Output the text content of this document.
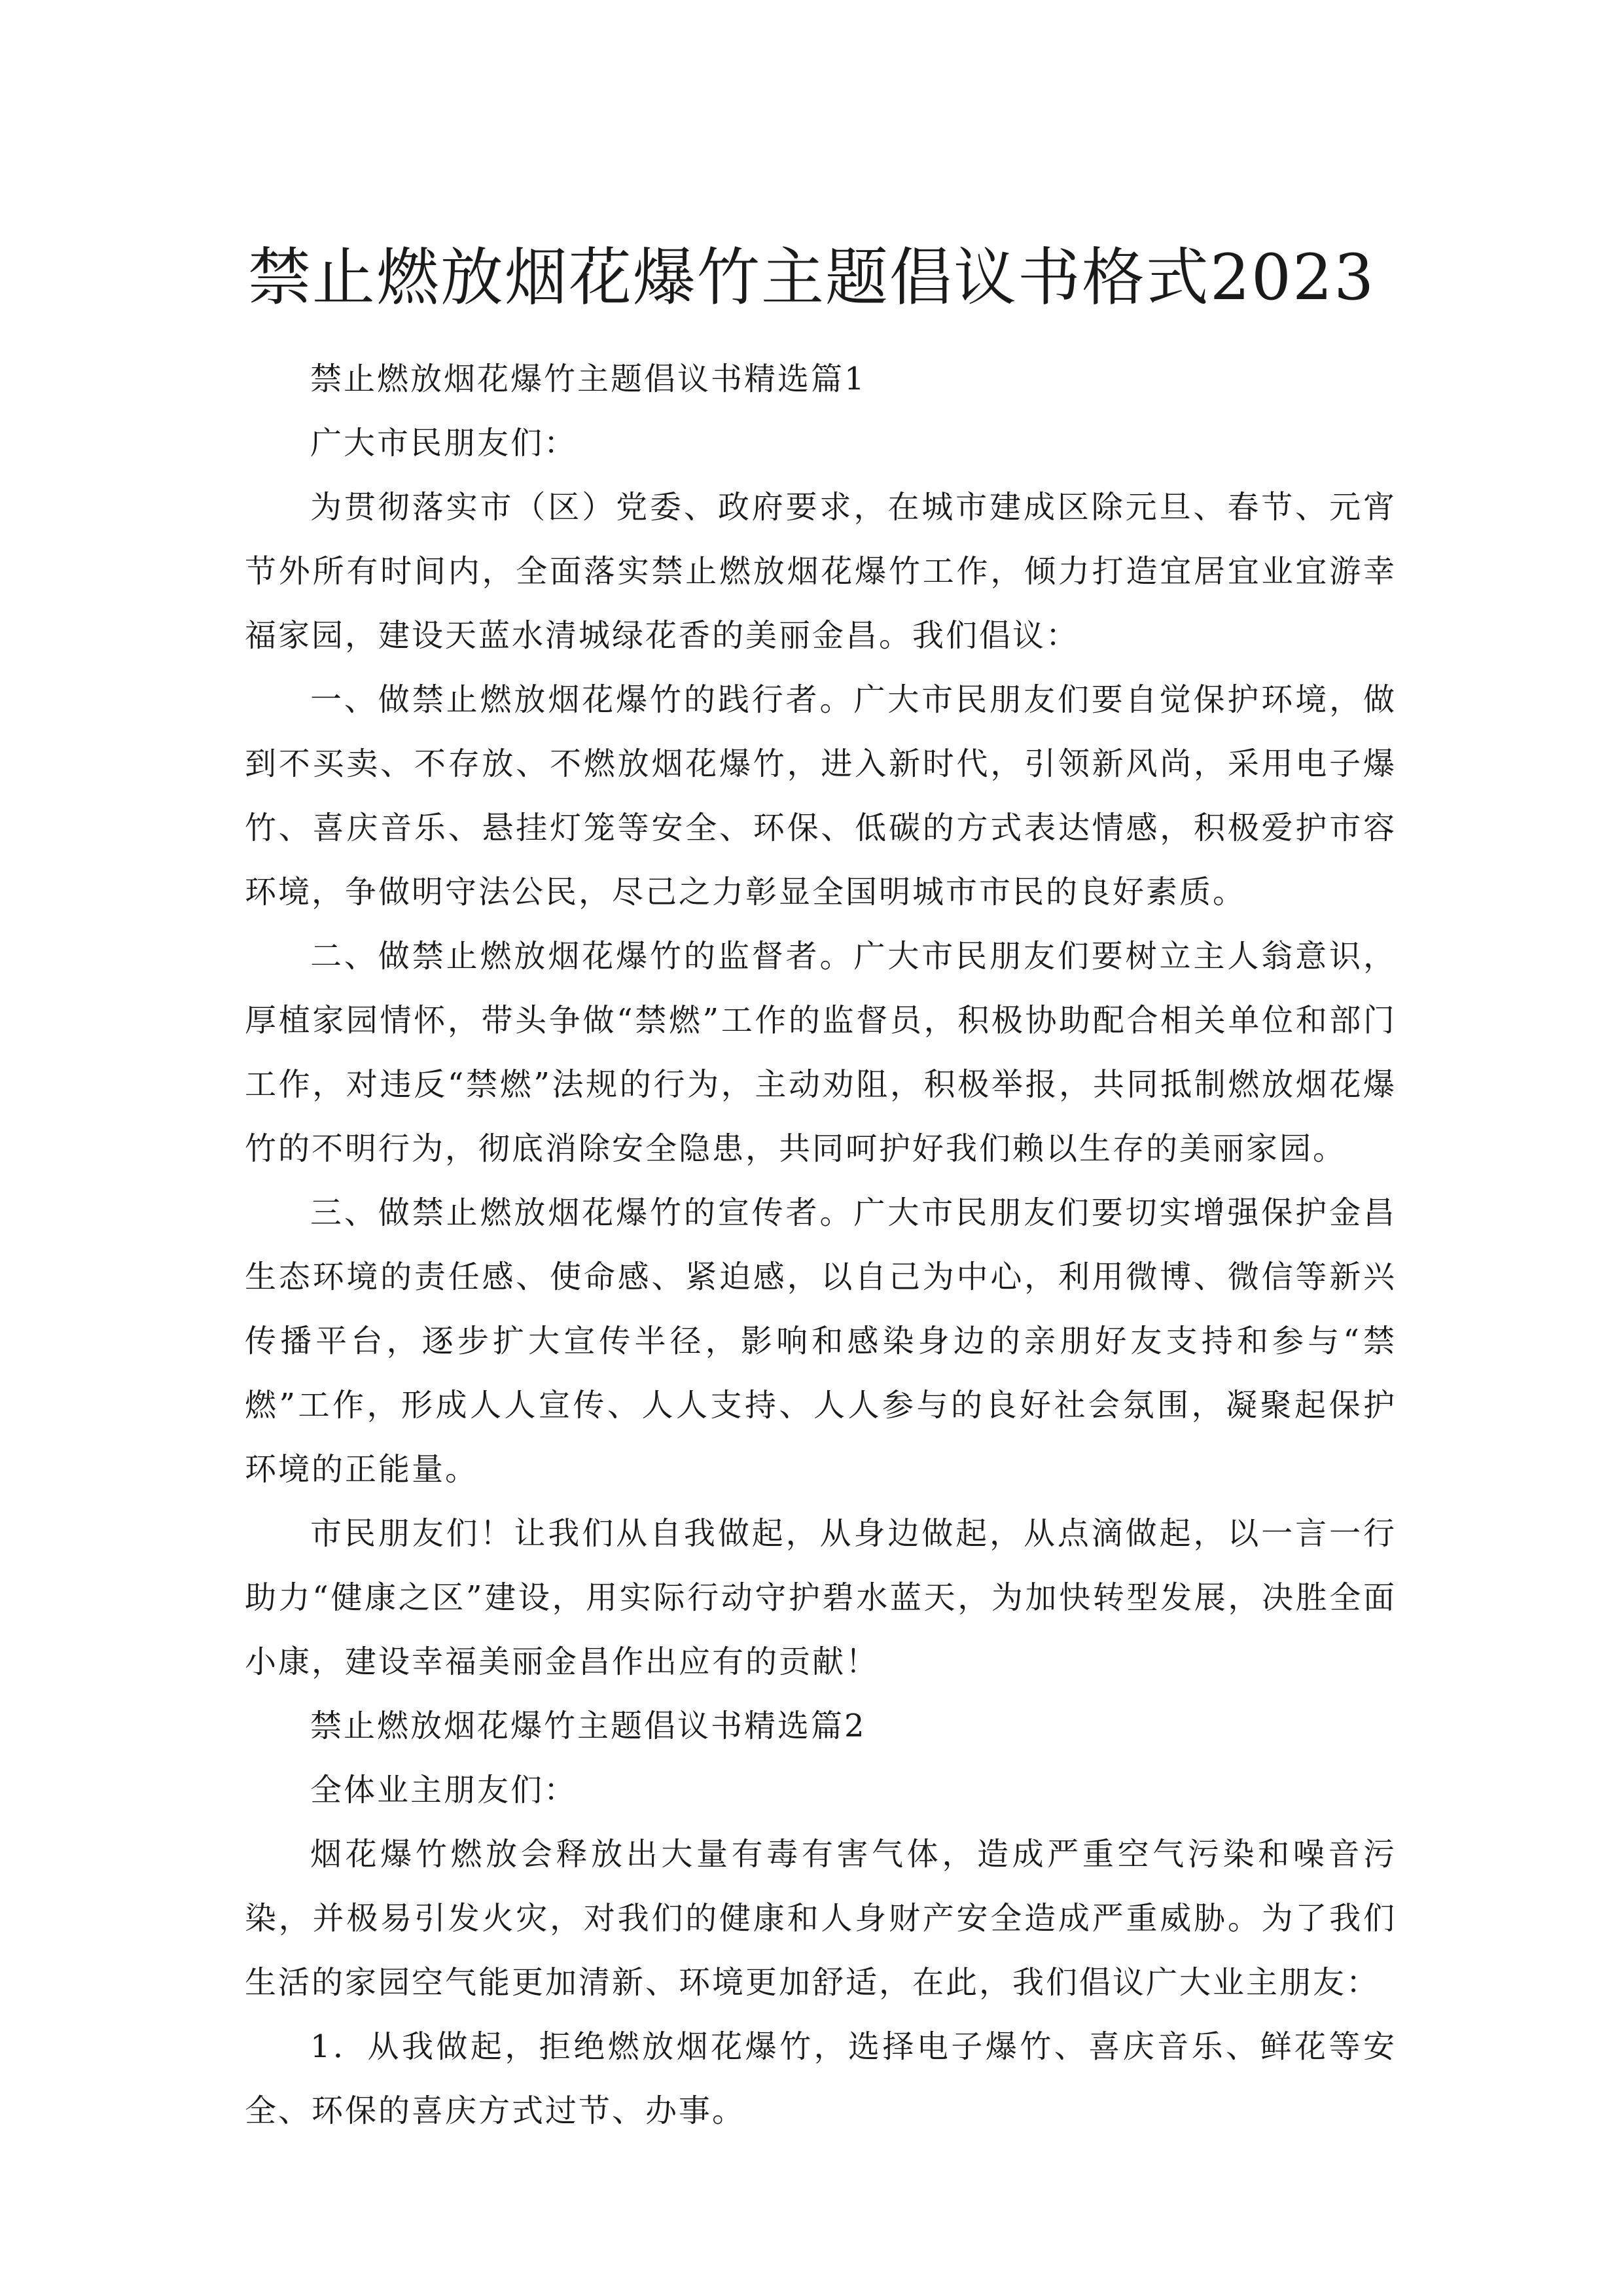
禁止燃放烟花爆竹主题倡议书格式2023

禁止燃放烟花爆竹主题倡议书精选篇1

广大市民朋友们：

为贯彻落实市（区）党委、政府要求，在城市建成区除元旦、春节、元宵节外所有时间内，全面落实禁止燃放烟花爆竹工作，倾力打造宜居宜业宜游幸福家园，建设天蓝水清城绿花香的美丽金昌。我们倡议：

一、做禁止燃放烟花爆竹的践行者。广大市民朋友们要自觉保护环境，做到不买卖、不存放、不燃放烟花爆竹，进入新时代，引领新风尚，采用电子爆竹、喜庆音乐、悬挂灯笼等安全、环保、低碳的方式表达情感，积极爱护市容环境，争做明守法公民，尽己之力彰显全国明城市市民的良好素质。

二、做禁止燃放烟花爆竹的监督者。广大市民朋友们要树立主人翁意识，厚植家园情怀，带头争做“禁燃”工作的监督员，积极协助配合相关单位和部门工作，对违反“禁燃”法规的行为，主动劝阻，积极举报，共同抵制燃放烟花爆竹的不明行为，彻底消除安全隐患，共同呵护好我们赖以生存的美丽家园。

三、做禁止燃放烟花爆竹的宣传者。广大市民朋友们要切实增强保护金昌生态环境的责任感、使命感、紧迫感，以自己为中心，利用微博、微信等新兴传播平台，逐步扩大宣传半径，影响和感染身边的亲朋好友支持和参与“禁燃”工作，形成人人宣传、人人支持、人人参与的良好社会氛围，凝聚起保护环境的正能量。

市民朋友们！让我们从自我做起，从身边做起，从点滴做起，以一言一行助力“健康之区”建设，用实际行动守护碧水蓝天，为加快转型发展，决胜全面小康，建设幸福美丽金昌作出应有的贡献！

禁止燃放烟花爆竹主题倡议书精选篇2

全体业主朋友们：

烟花爆竹燃放会释放出大量有毒有害气体，造成严重空气污染和噪音污染，并极易引发火灾，对我们的健康和人身财产安全造成严重威胁。为了我们生活的家园空气能更加清新、环境更加舒适，在此，我们倡议广大业主朋友：

1．从我做起，拒绝燃放烟花爆竹，选择电子爆竹、喜庆音乐、鲜花等安全、环保的喜庆方式过节、办事。
